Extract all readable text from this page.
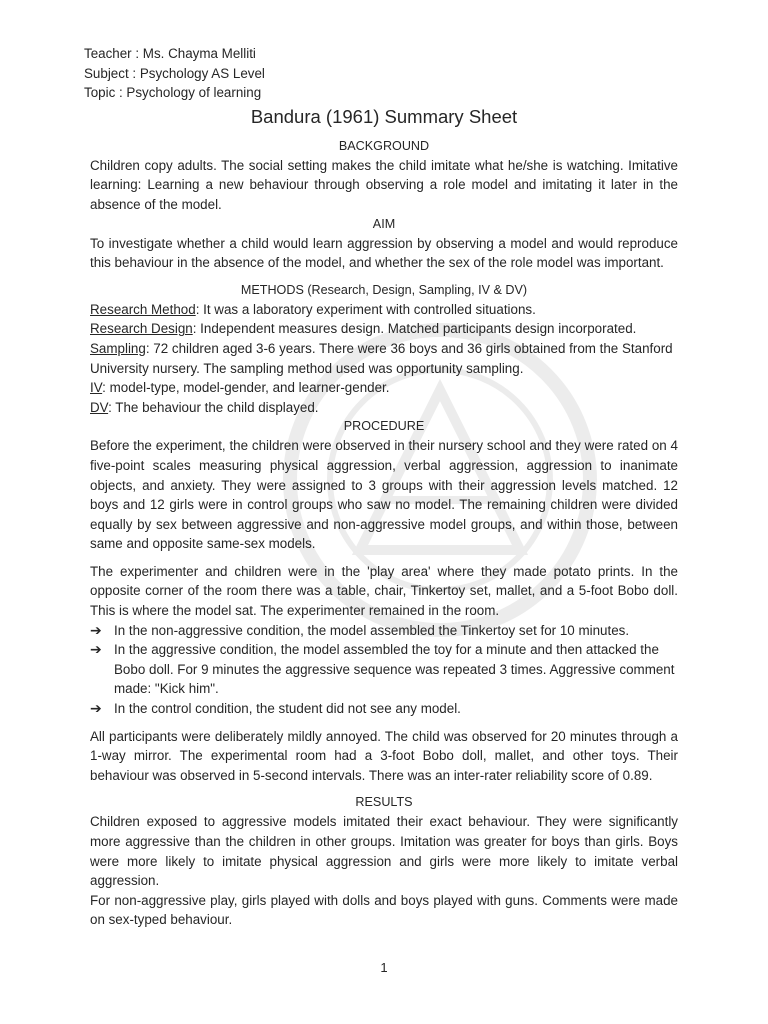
Teacher : Ms. Chayma Melliti
Subject : Psychology AS Level
Topic : Psychology of learning
Bandura (1961) Summary Sheet
BACKGROUND

Children copy adults. The social setting makes the child imitate what he/she is watching. Imitative learning: Learning a new behaviour through observing a role model and imitating it later in the absence of the model.

AIM

To investigate whether a child would learn aggression by observing a model and would reproduce this behaviour in the absence of the model, and whether the sex of the role model was important.

METHODS (Research, Design, Sampling, IV & DV)
Research Method: It was a laboratory experiment with controlled situations.
Research Design: Independent measures design. Matched participants design incorporated.
Sampling: 72 children aged 3-6 years. There were 36 boys and 36 girls obtained from the Stanford University nursery. The sampling method used was opportunity sampling.
IV: model-type, model-gender, and learner-gender.
DV: The behaviour the child displayed.
PROCEDURE

Before the experiment, the children were observed in their nursery school and they were rated on 4 five-point scales measuring physical aggression, verbal aggression, aggression to inanimate objects, and anxiety. They were assigned to 3 groups with their aggression levels matched. 12 boys and 12 girls were in control groups who saw no model. The remaining children were divided equally by sex between aggressive and non-aggressive model groups, and within those, between same and opposite same-sex models.

The experimenter and children were in the 'play area' where they made potato prints. In the opposite corner of the room there was a table, chair, Tinkertoy set, mallet, and a 5-foot Bobo doll. This is where the model sat. The experimenter remained in the room.

➔ In the non-aggressive condition, the model assembled the Tinkertoy set for 10 minutes.
➔ In the aggressive condition, the model assembled the toy for a minute and then attacked the Bobo doll. For 9 minutes the aggressive sequence was repeated 3 times. Aggressive comment made: "Kick him".
➔ In the control condition, the student did not see any model.

All participants were deliberately mildly annoyed. The child was observed for 20 minutes through a 1-way mirror. The experimental room had a 3-foot Bobo doll, mallet, and other toys. Their behaviour was observed in 5-second intervals. There was an inter-rater reliability score of 0.89.

RESULTS

Children exposed to aggressive models imitated their exact behaviour. They were significantly more aggressive than the children in other groups. Imitation was greater for boys than girls. Boys were more likely to imitate physical aggression and girls were more likely to imitate verbal aggression.

For non-aggressive play, girls played with dolls and boys played with guns. Comments were made on sex-typed behaviour.

1
